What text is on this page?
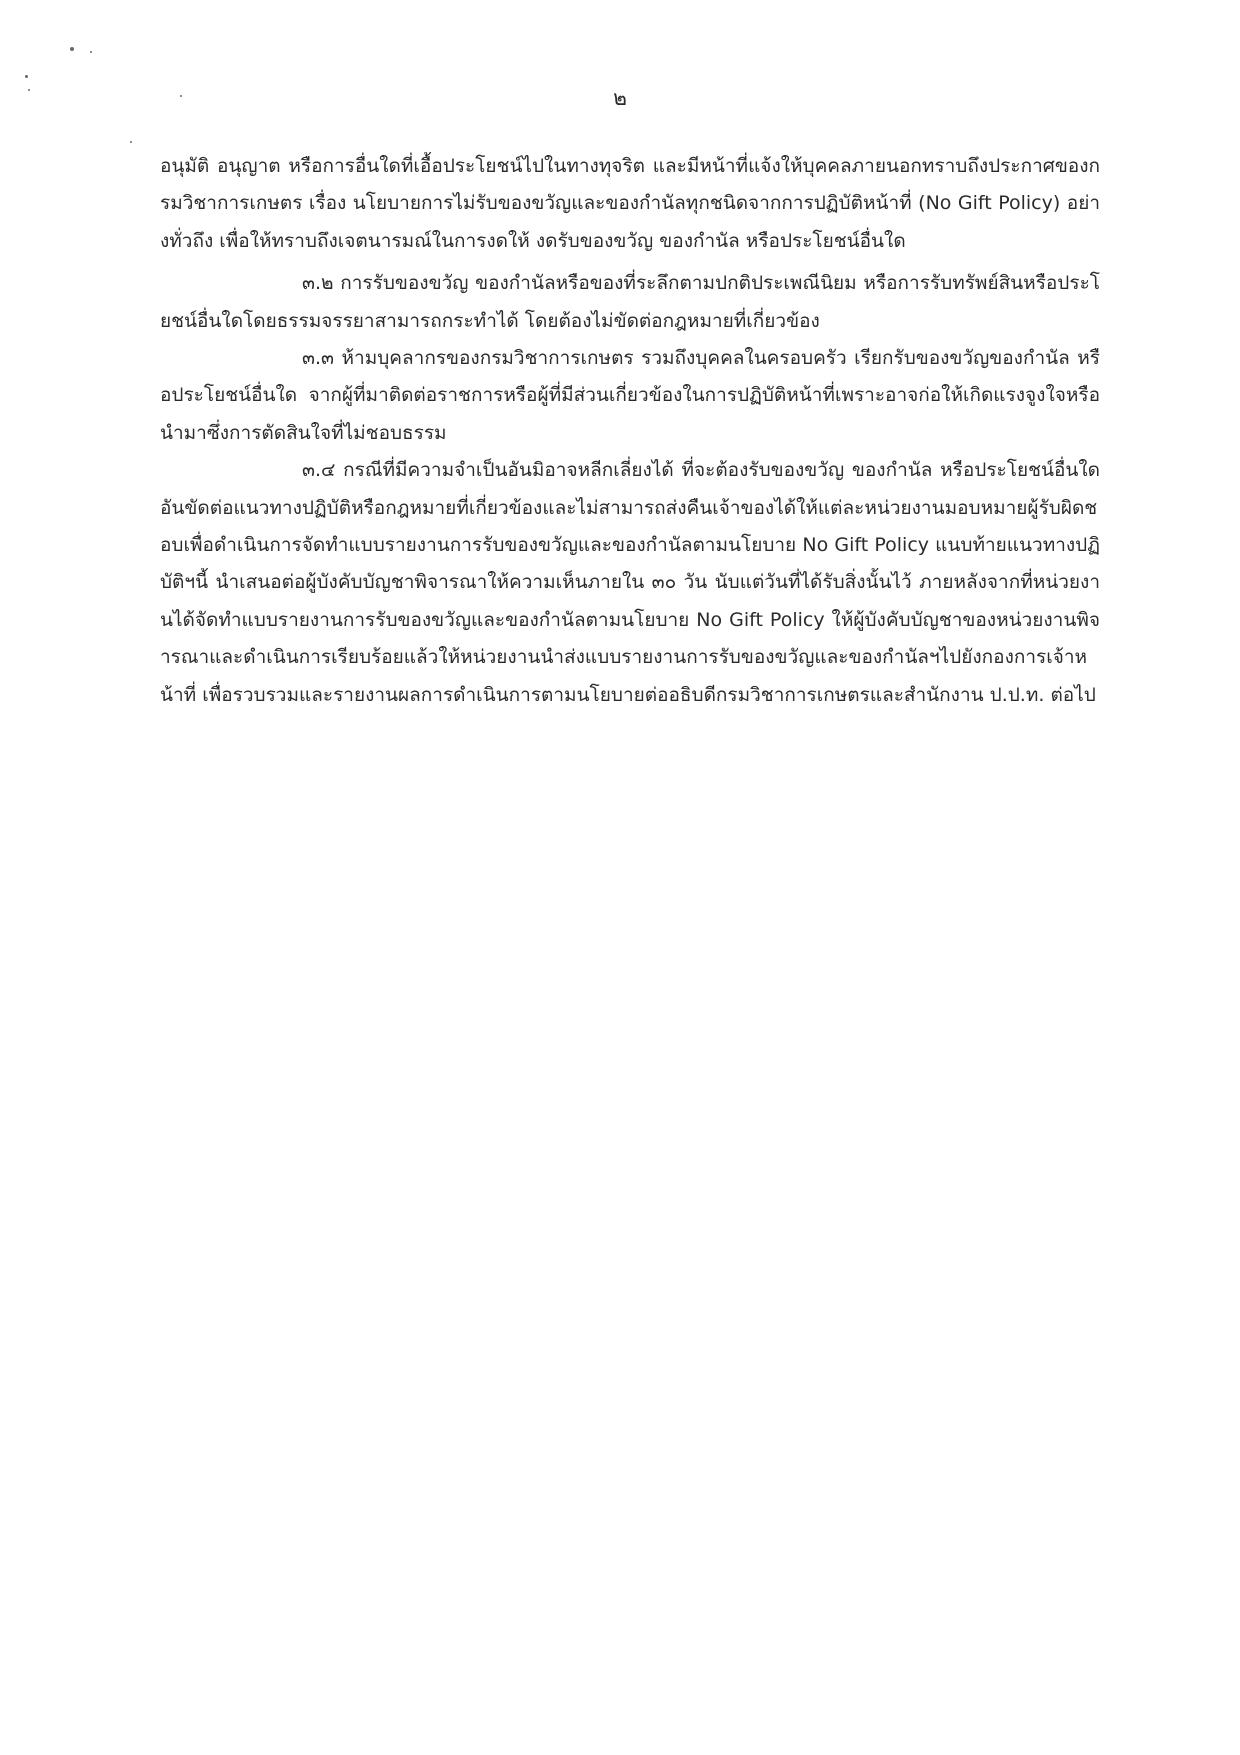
๒

อนุมัติ อนุญาต หรือการอื่นใดที่เอื้อประโยชน์ไปในทางทุจริต และมีหน้าที่แจ้งให้บุคคลภายนอกทราบถึงประกาศของกรมวิชาการเกษตร เรื่อง นโยบายการไม่รับของขวัญและของกำนัลทุกชนิดจากการปฏิบัติหน้าที่ (No Gift Policy) อย่างทั่วถึง เพื่อให้ทราบถึงเจตนารมณ์ในการงดให้ งดรับของขวัญ ของกำนัล หรือประโยชน์อื่นใด

๓.๒ การรับของขวัญ ของกำนัลหรือของที่ระลึกตามปกติประเพณีนิยม หรือการรับทรัพย์สินหรือประโยชน์อื่นใดโดยธรรมจรรยาสามารถกระทำได้ โดยต้องไม่ขัดต่อกฎหมายที่เกี่ยวข้อง

๓.๓ ห้ามบุคลากรของกรมวิชาการเกษตร รวมถึงบุคคลในครอบครัว เรียกรับของขวัญของกำนัล หรือประโยชน์อื่นใด จากผู้ที่มาติดต่อราชการหรือผู้ที่มีส่วนเกี่ยวข้องในการปฏิบัติหน้าที่เพราะอาจก่อให้เกิดแรงจูงใจหรือนำมาซึ่งการตัดสินใจที่ไม่ชอบธรรม

๓.๔ กรณีที่มีความจำเป็นอันมิอาจหลีกเลี่ยงได้ ที่จะต้องรับของขวัญ ของกำนัล หรือประโยชน์อื่นใด อันขัดต่อแนวทางปฏิบัติหรือกฎหมายที่เกี่ยวข้องและไม่สามารถส่งคืนเจ้าของได้ให้แต่ละหน่วยงานมอบหมายผู้รับผิดชอบเพื่อดำเนินการจัดทำแบบรายงานการรับของขวัญและของกำนัลตามนโยบาย No Gift Policy แนบท้ายแนวทางปฏิบัติฯนี้ นำเสนอต่อผู้บังคับบัญชาพิจารณาให้ความเห็นภายใน ๓๐ วัน นับแต่วันที่ได้รับสิ่งนั้นไว้ ภายหลังจากที่หน่วยงานได้จัดทำแบบรายงานการรับของขวัญและของกำนัลตามนโยบาย No Gift Policy ให้ผู้บังคับบัญชาของหน่วยงานพิจารณาและดำเนินการเรียบร้อยแล้วให้หน่วยงานนำส่งแบบรายงานการรับของขวัญและของกำนัลฯไปยังกองการเจ้าหน้าที่ เพื่อรวบรวมและรายงานผลการดำเนินการตามนโยบายต่ออธิบดีกรมวิชาการเกษตรและสำนักงาน ป.ป.ท. ต่อไป
